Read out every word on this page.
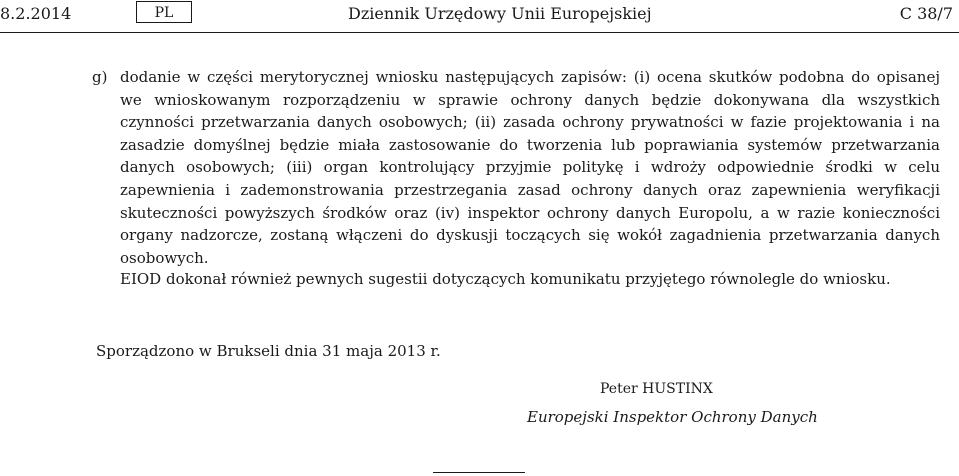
8.2.2014	PL	Dziennik Urzędowy Unii Europejskiej	C 38/7
g) dodanie w części merytorycznej wniosku następujących zapisów: (i) ocena skutków podobna do opisanej we wnioskowanym rozporządzeniu w sprawie ochrony danych będzie dokonywana dla wszystkich czynności przetwarzania danych osobowych; (ii) zasada ochrony prywatności w fazie projektowania i na zasadzie domyślnej będzie miała zastosowanie do tworzenia lub poprawiania systemów przetwarzania danych osobowych; (iii) organ kontrolujący przyjmie politykę i wdroży odpowiednie środki w celu zapewnienia i zademonstrowania przestrzegania zasad ochrony danych oraz zapewnienia weryfikacji skuteczności powyższych środków oraz (iv) inspektor ochrony danych Europolu, a w razie konieczności organy nadzorcze, zostaną włączeni do dyskusji toczących się wokół zagadnienia przetwarzania danych osobowych.
EIOD dokonał również pewnych sugestii dotyczących komunikatu przyjętego równolegle do wniosku.
Sporządzono w Brukseli dnia 31 maja 2013 r.
Peter HUSTINX
Europejski Inspektor Ochrony Danych
